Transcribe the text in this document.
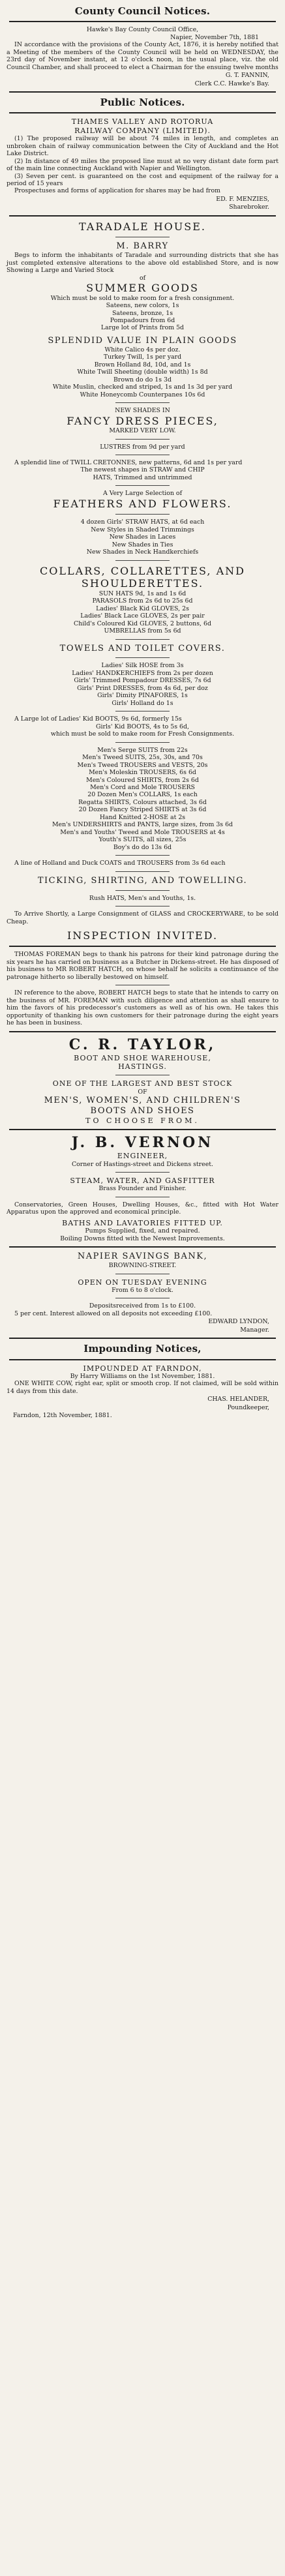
County Council Notices.
Hawke's Bay County Council Office,
Napier, November 7th, 1881

IN accordance with the provisions of the County Act, 1876, it is hereby notified that a Meeting of the members of the County Council will be held on WEDNESDAY, the 23rd day of November instant, at 12 o'clock noon, in the usual place, viz. the old Council Chamber, and shall proceed to elect a Chairman for the ensuing twelve months

G. T. FANNIN,
Clerk C.C. Hawke's Bay.
Public Notices.
THAMES VALLEY AND ROTORUA
RAILWAY COMPANY (LIMITED).

(1) The proposed railway will be about 74 miles in length, and completes an unbroken chain of railway communication between the City of Auckland and the Hot Lake District.

(2) In distance of 49 miles the proposed line must at no very distant date form part of the main line connecting Auckland with Napier and Wellington.

(3) Seven per cent. is guaranteed on the cost and equipment of the railway for a period of 15 years

Prospectuses and forms of application for shares may be had from

ED. F. MENZIES,
Sharebroker.
TARADALE HOUSE.
M. BARRY

Begs to inform the inhabitants of Taradale and surrounding districts that she has just completed extensive alterations to the above old established Store, and is now Showing a Large and Varied Stock

of
SUMMER GOODS
Which must be sold to make room for a fresh consignment.
Sateens, new colors, 1s
Sateens, bronze, 1s
Pompadours from 6d
Large lot of Prints from 5d
SPLENDID VALUE IN PLAIN GOODS
White Calico 4s per doz.
Turkey Twill, 1s per yard
Brown Holland 8d, 10d, and 1s
White Twill Sheeting (double width) 1s 8d
Brown do do 1s 3d
White Muslin, checked and striped, 1s and 1s 3d per yard
White Honeycomb Counterpanes 10s 6d
NEW SHADES IN
FANCY DRESS PIECES,
MARKED VERY LOW.
LUSTRES from 9d per yard

A splendid line of TWILL CRETONNES, new patterns, 6d and 1s per yard

The newest shapes in STRAW and CHIP
HATS, Trimmed and untrimmed
A Very Large Selection of
FEATHERS AND FLOWERS.
4 dozen Girls' STRAW HATS, at 6d each
New Styles in Shaded Trimmings
New Shades in Laces
New Shades in Ties
New Shades in Neck Handkerchiefs
COLLARS, COLLARETTES, AND
SHOULDERETTES.
SUN HATS 9d, 1s and 1s 6d
PARASOLS from 2s 6d to 25s 6d
Ladies' Black Kid GLOVES, 2s
Ladies' Black Lace GLOVES, 2s per pair
Child's Coloured Kid GLOVES, 2 buttons, 6d
UMBRELLAS from 5s 6d
TOWELS AND TOILET COVERS.
Ladies' Silk HOSE from 3s
Ladies' HANDKERCHIEFS from 2s per dozen
Girls' Trimmed Pompadour DRESSES, 7s 6d
Girls' Print DRESSES, from 4s 6d, per doz
Girls' Dimity PINAFORES, 1s
Girls' Holland do 1s

A Large lot of Ladies' Kid BOOTS, 9s 6d, formerly 15s

Girls' Kid BOOTS, 4s to 5s 6d,
which must be sold to make room for Fresh Consignments.
Men's Serge SUITS from 22s
Men's Tweed SUITS, 25s, 30s, and 70s
Men's Tweed TROUSERS and VESTS, 20s
Men's Moleskin TROUSERS, 6s 6d
Men's Coloured SHIRTS, from 2s 6d
Men's Cord and Mole TROUSERS
20 Dozen Men's COLLARS, 1s each
Regatta SHIRTS, Colours attached, 3s 6d
20 Dozen Fancy Striped SHIRTS at 3s 6d
Hand Knitted 2-HOSE at 2s
Men's UNDERSHIRTS and PANTS, large sizes, from 3s 6d
Men's and Youths' Tweed and Mole TROUSERS at 4s
Youth's SUITS, all sizes, 25s
Boy's do do 13s 6d

A line of Holland and Duck COATS and TROUSERS from 3s 6d each

TICKING, SHIRTING, AND TOWELLING.
Rush HATS, Men's and Youths, 1s.

To Arrive Shortly, a Large Consignment of GLASS and CROCKERYWARE, to be sold Cheap.

INSPECTION INVITED.

THOMAS FOREMAN begs to thank his patrons for their kind patronage during the six years he has carried on business as a Butcher in Dickens-street. He has disposed of his business to MR ROBERT HATCH, on whose behalf he solicits a continuance of the patronage hitherto so liberally bestowed on himself.

IN reference to the above, ROBERT HATCH begs to state that he intends to carry on the business of MR. FOREMAN with such diligence and attention as shall ensure to him the favors of his predecessor's customers as well as of his own. He takes this opportunity of thanking his own customers for their patronage during the eight years he has been in business.

C. R. TAYLOR,
BOOT AND SHOE WAREHOUSE,
HASTINGS.
ONE OF THE LARGEST AND BEST STOCK
OF
MEN'S, WOMEN'S, AND CHILDREN'S
BOOTS AND SHOES
TO CHOOSE FROM.
J. B. VERNON
ENGINEER,
Corner of Hastings-street and Dickens street.
STEAM, WATER, AND GASFITTER
Brass Founder and Finisher.

Conservatories, Green Houses, Dwelling Houses, &c., fitted with Hot Water Apparatus upon the approved and economical principle.

BATHS AND LAVATORIES FITTED UP.
Pumps Supplied, fixed, and repaired.
Boiling Downs fitted with the Newest Improvements.
NAPIER SAVINGS BANK,
BROWNING-STREET.
OPEN ON TUESDAY EVENING
From 6 to 8 o'clock.
Depositsreceived from 1s to £100.

5 per cent. Interest allowed on all deposits not exceeding £100.

EDWARD LYNDON,
Manager.
Impounding Notices,
IMPOUNDED AT FARNDON,
By Harry Williams on the 1st November, 1881.

ONE WHITE COW, right ear, split or smooth crop. If not claimed, will be sold within 14 days from this date.

CHAS. HELANDER,
Poundkeeper,
Farndon, 12th November, 1881.
